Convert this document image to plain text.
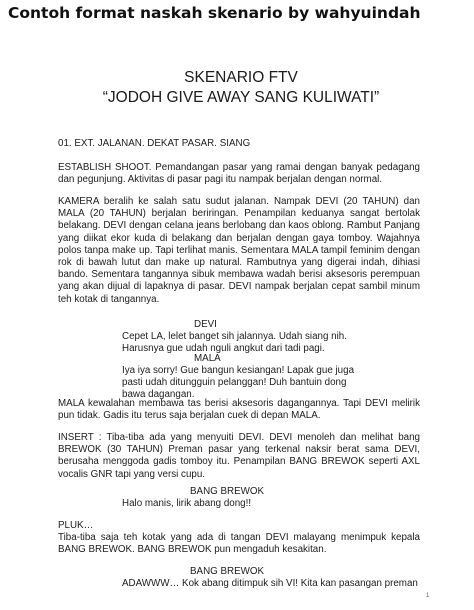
Contoh format naskah skenario by wahyuindah
SKENARIO FTV
“JODOH GIVE AWAY SANG KULIWATI”

01. EXT. JALANAN. DEKAT PASAR. SIANG

ESTABLISH SHOOT. Pemandangan pasar yang ramai dengan banyak pedagang dan pegunjung. Aktivitas di pasar pagi itu nampak berjalan dengan normal.

KAMERA beralih ke salah satu sudut jalanan. Nampak DEVI (20 TAHUN) dan MALA (20 TAHUN) berjalan beriringan. Penampilan keduanya sangat bertolak belakang. DEVI dengan celana jeans berlobang dan kaos oblong. Rambut Panjang yang diikat ekor kuda di belakang dan berjalan dengan gaya tomboy. Wajahnya polos tanpa make up. Tapi terlihat manis. Sementara MALA tampil feminim dengan rok di bawah lutut dan make up natural. Rambutnya yang digerai indah, dihiasi bando. Sementara tangannya sibuk membawa wadah berisi aksesoris perempuan yang akan dijual di lapaknya di pasar. DEVI nampak berjalan cepat sambil minum teh kotak di tangannya.

DEVI

Cepet LA, lelet banget sih jalannya. Udah siang nih. Harusnya gue udah nguli angkut dari tadi pagi.

MALA

Iya iya sorry! Gue bangun kesiangan! Lapak gue juga pasti udah ditungguin pelanggan! Duh bantuin dong bawa dagangan.

MALA kewalahan membawa tas berisi aksesoris dagangannya. Tapi DEVI melirik pun tidak. Gadis itu terus saja berjalan cuek di depan MALA.

INSERT : Tiba-tiba ada yang menyuiti DEVI. DEVI menoleh dan melihat bang BREWOK (30 TAHUN) Preman pasar yang terkenal naksir berat sama DEVI, berusaha menggoda gadis tomboy itu. Penampilan BANG BREWOK seperti AXL vocalis GNR tapi yang versi cupu.

BANG BREWOK

Halo manis, lirik abang dong!!

PLUK…
Tiba-tiba saja teh kotak yang ada di tangan DEVI malayang menimpuk kepala BANG BREWOK. BANG BREWOK pun mengaduh kesakitan.

BANG BREWOK

ADAWWW… Kok abang ditimpuk sih VI! Kita kan pasangan preman

1
